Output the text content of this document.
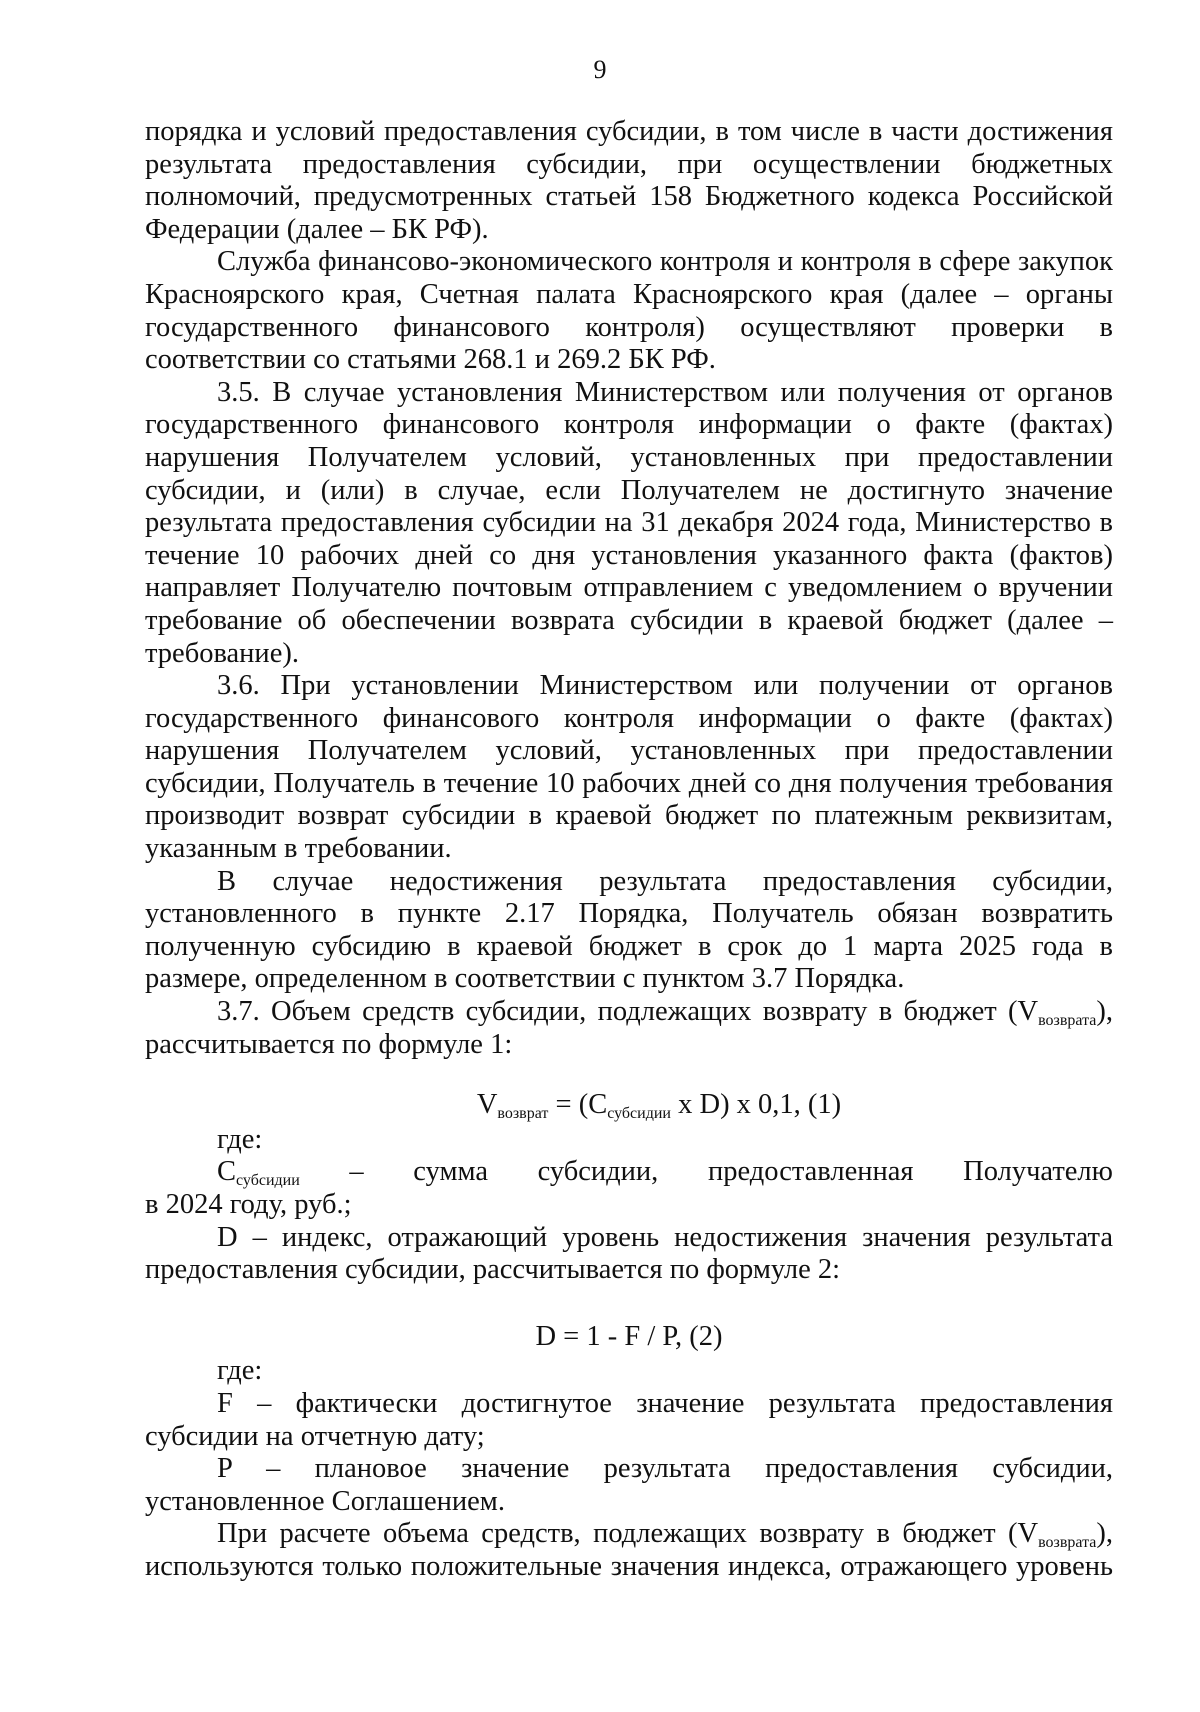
9

порядка и условий предоставления субсидии, в том числе в части достижения результата предоставления субсидии, при осуществлении бюджетных полномочий, предусмотренных статьей 158 Бюджетного кодекса Российской Федерации (далее – БК РФ).

Служба финансово-экономического контроля и контроля в сфере закупок Красноярского края, Счетная палата Красноярского края (далее – органы государственного финансового контроля) осуществляют проверки в соответствии со статьями 268.1 и 269.2 БК РФ.

3.5. В случае установления Министерством или получения от органов государственного финансового контроля информации о факте (фактах) нарушения Получателем условий, установленных при предоставлении субсидии, и (или) в случае, если Получателем не достигнуто значение результата предоставления субсидии на 31 декабря 2024 года, Министерство в течение 10 рабочих дней со дня установления указанного факта (фактов) направляет Получателю почтовым отправлением с уведомлением о вручении требование об обеспечении возврата субсидии в краевой бюджет (далее – требование).

3.6. При установлении Министерством или получении от органов государственного финансового контроля информации о факте (фактах) нарушения Получателем условий, установленных при предоставлении субсидии, Получатель в течение 10 рабочих дней со дня получения требования производит возврат субсидии в краевой бюджет по платежным реквизитам, указанным в требовании.

В случае недостижения результата предоставления субсидии, установленного в пункте 2.17 Порядка, Получатель обязан возвратить полученную субсидию в краевой бюджет в срок до 1 марта 2025 года в размере, определенном в соответствии с пунктом 3.7 Порядка.

3.7. Объем средств субсидии, подлежащих возврату в бюджет $(V_{возврата})$, рассчитывается по формуле 1:

$V_{возврат} = (C_{субсидии}$ x D) x 0,1, (1)

где:

$С_{субсидии}$ – сумма субсидии, предоставленная Получателю

в 2024 году, руб.;

D – индекс, отражающий уровень недостижения значения результата предоставления субсидии, рассчитывается по формуле 2:

D = 1 - F / P, (2)

где:

F – фактически достигнутое значение результата предоставления субсидии на отчетную дату;

P – плановое значение результата предоставления субсидии, установленное Соглашением.

При расчете объема средств, подлежащих возврату в бюджет $(V_{возврата})$, используются только положительные значения индекса, отражающего уровень
